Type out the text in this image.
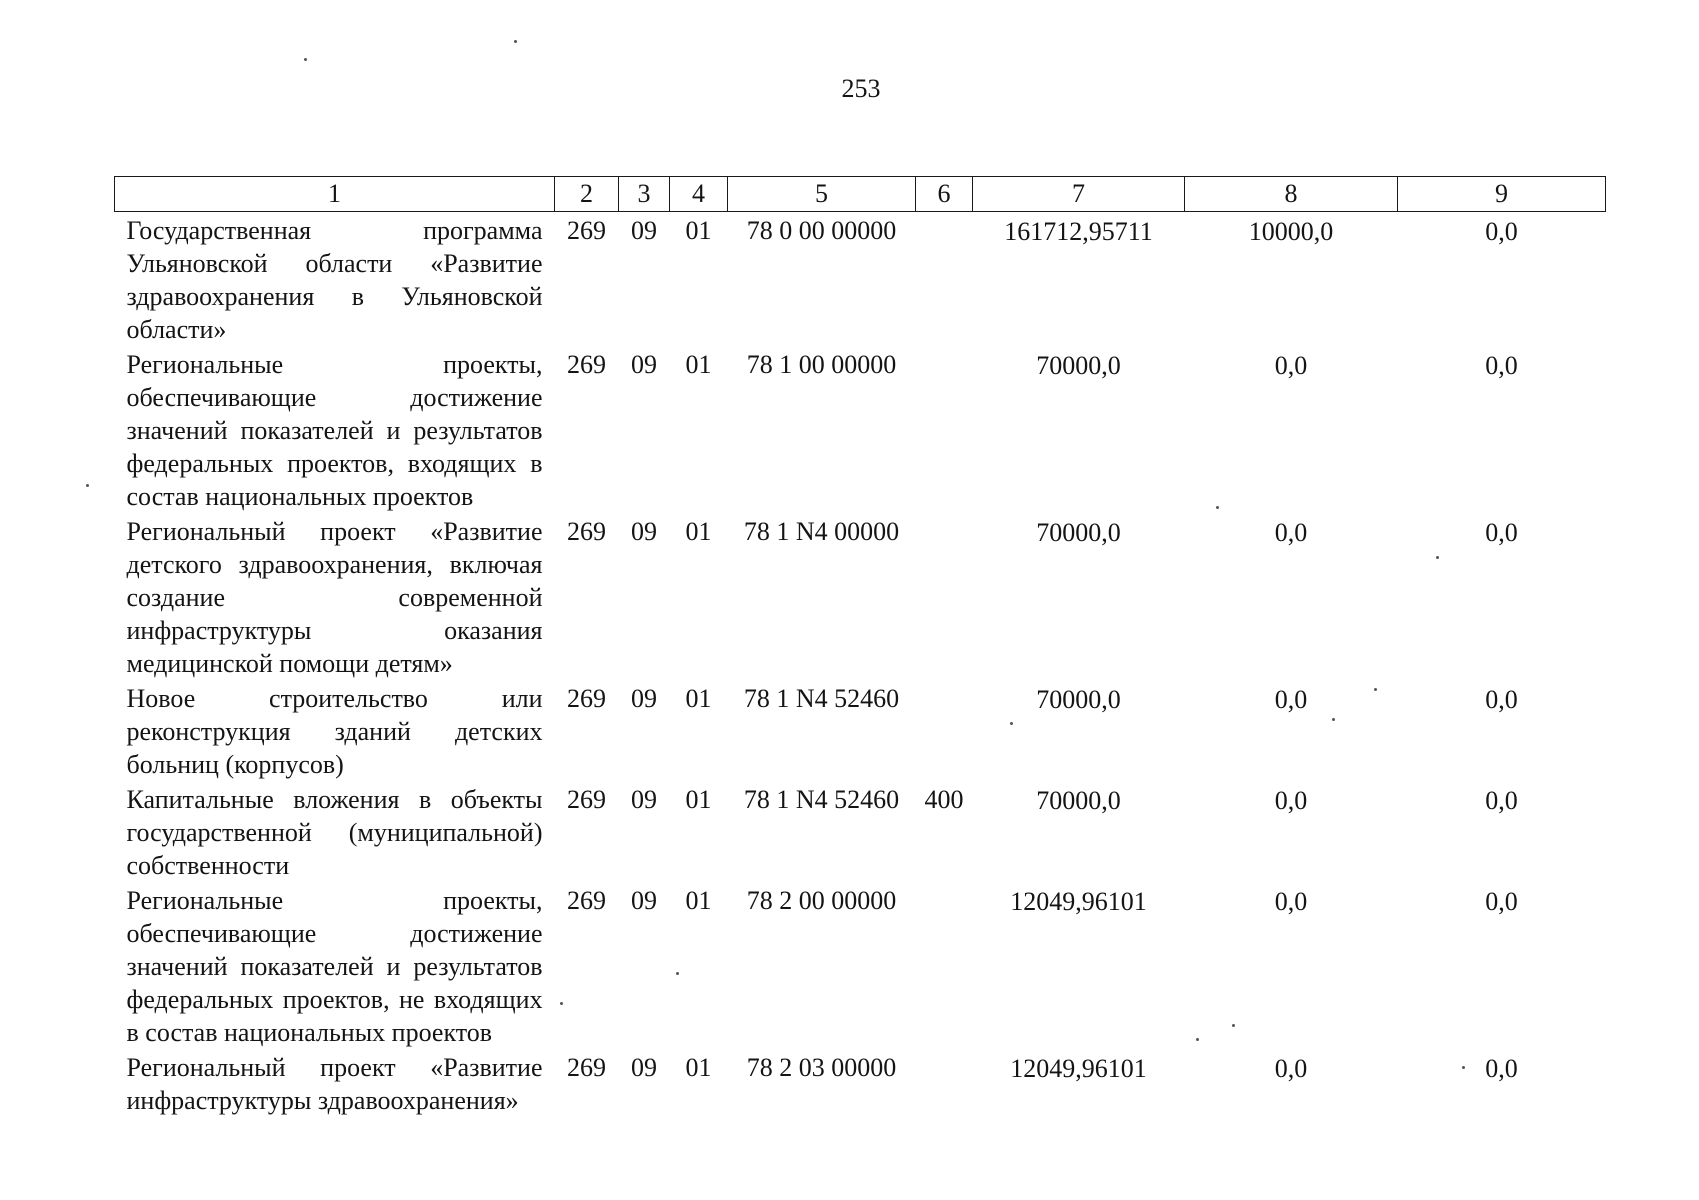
253
1	2	3	4	5	6	7	8	9
Государственная программа Ульяновской области «Развитие здравоохранения в Ульяновской области»	269	09	01	78 0 00 00000		161712,95711	10000,0	0,0
Региональные проекты, обеспечивающие достижение значений показателей и результатов федеральных проектов, входящих в состав национальных проектов	269	09	01	78 1 00 00000		70000,0	0,0	0,0
Региональный проект «Развитие детского здравоохранения, включая создание современной инфраструктуры оказания медицинской помощи детям»	269	09	01	78 1 N4 00000		70000,0	0,0	0,0
Новое строительство или реконструкция зданий детских больниц (корпусов)	269	09	01	78 1 N4 52460		70000,0	0,0	0,0
Капитальные вложения в объекты государственной (муниципальной) собственности	269	09	01	78 1 N4 52460	400	70000,0	0,0	0,0
Региональные проекты, обеспечивающие достижение значений показателей и результатов федеральных проектов, не входящих в состав национальных проектов	269	09	01	78 2 00 00000		12049,96101	0,0	0,0
Региональный проект «Развитие инфраструктуры здравоохранения»	269	09	01	78 2 03 00000		12049,96101	0,0	0,0
